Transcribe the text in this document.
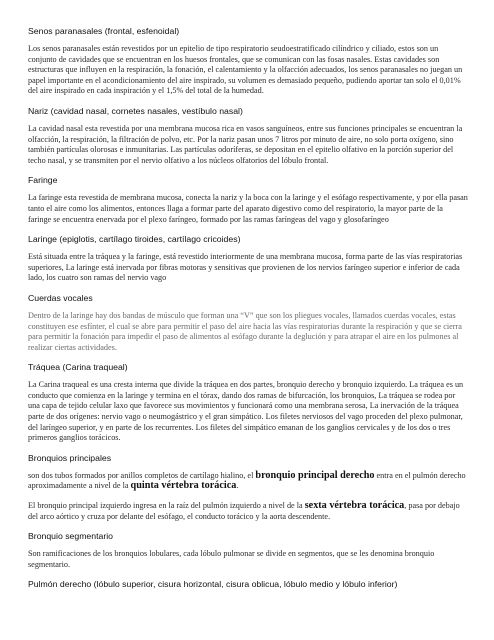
Senos paranasales (frontal, esfenoidal)

Los senos paranasales están revestidos por un epitelio de tipo respiratorio seudoestratificado cilíndrico y ciliado, estos son un conjunto de cavidades que se encuentran en los huesos frontales, que se comunican con las fosas nasales. Estas cavidades son estructuras que influyen en la respiración, la fonación, el calentamiento y la olfacción adecuados, los senos paranasales no juegan un papel importante en el acondicionamiento del aire inspirado, su volumen es demasiado pequeño, pudiendo aportar tan solo el 0,01% del aire inspirado en cada inspiración y el 1,5% del total de la humedad.

Nariz (cavidad nasal, cornetes nasales, vestíbulo nasal)

La cavidad nasal esta revestida por una membrana mucosa rica en vasos sanguíneos, entre sus funciones principales se encuentran la olfacción, la respiración, la filtración de polvo, etc. Por la nariz pasan unos 7 litros por minuto de aire, no solo porta oxígeno, sino también partículas olorosas e inmunitarias. Las partículas odoríferas, se depositan en el epitelio olfativo en la porción superior del techo nasal, y se transmiten por el nervio olfativo a los núcleos olfatorios del lóbulo frontal.

Faringe

La faringe esta revestida de membrana mucosa, conecta la nariz y la boca con la laringe y el esófago respectivamente, y por ella pasan tanto el aire como los alimentos, entonces llaga a formar parte del aparato digestivo como del respiratorio, la mayor parte de la faringe se encuentra enervada por el plexo faríngeo, formado por las ramas faríngeas del vago y glosofaríngeo

Laringe (epiglotis, cartílago tiroides, cartílago cricoides)

Está situada entre la tráquea y la faringe, está revestido interiormente de una membrana mucosa, forma parte de las vías respiratorias superiores, La laringe está inervada por fibras motoras y sensitivas que provienen de los nervios faríngeo superior e inferior de cada lado, los cuatro son ramas del nervio vago

Cuerdas vocales

Dentro de la laringe hay dos bandas de músculo que forman una “V” que son los pliegues vocales, llamados cuerdas vocales, estas constituyen ese esfínter, el cual se abre para permitir el paso del aire hacia las vías respiratorias durante la respiración y que se cierra para permitir la fonación para impedir el paso de alimentos al esófago durante la deglución y para atrapar el aire en los pulmones al realizar ciertas actividades.

Tráquea (Carina traqueal)

La Carina traqueal es una cresta interna que divide la tráquea en dos partes, bronquio derecho y bronquio izquierdo. La tráquea es un conducto que comienza en la laringe y termina en el tórax, dando dos ramas de bifurcación, los bronquios, La tráquea se rodea por una capa de tejido celular laxo que favorece sus movimientos y funcionará como una membrana serosa, La inervación de la tráquea parte de dos orígenes: nervio vago o neumogástrico y el gran simpático. Los filetes nerviosos del vago proceden del plexo pulmonar, del laríngeo superior, y en parte de los recurrentes. Los filetes del simpático emanan de los ganglios cervicales y de los dos o tres primeros ganglios torácicos.

Bronquios principales

son dos tubos formados por anillos completos de cartílago hialino, el bronquio principal derecho entra en el pulmón derecho aproximadamente a nivel de la quinta vértebra torácica.

El bronquio principal izquierdo ingresa en la raíz del pulmón izquierdo a nivel de la sexta vértebra torácica, pasa por debajo del arco aórtico y cruza por delante del esófago, el conducto torácico y la aorta descendente.

Bronquio segmentario

Son ramificaciones de los bronquios lobulares, cada lóbulo pulmonar se divide en segmentos, que se les denomina bronquio segmentario.

Pulmón derecho (lóbulo superior, cisura horizontal, cisura oblicua, lóbulo medio y lóbulo inferior)
